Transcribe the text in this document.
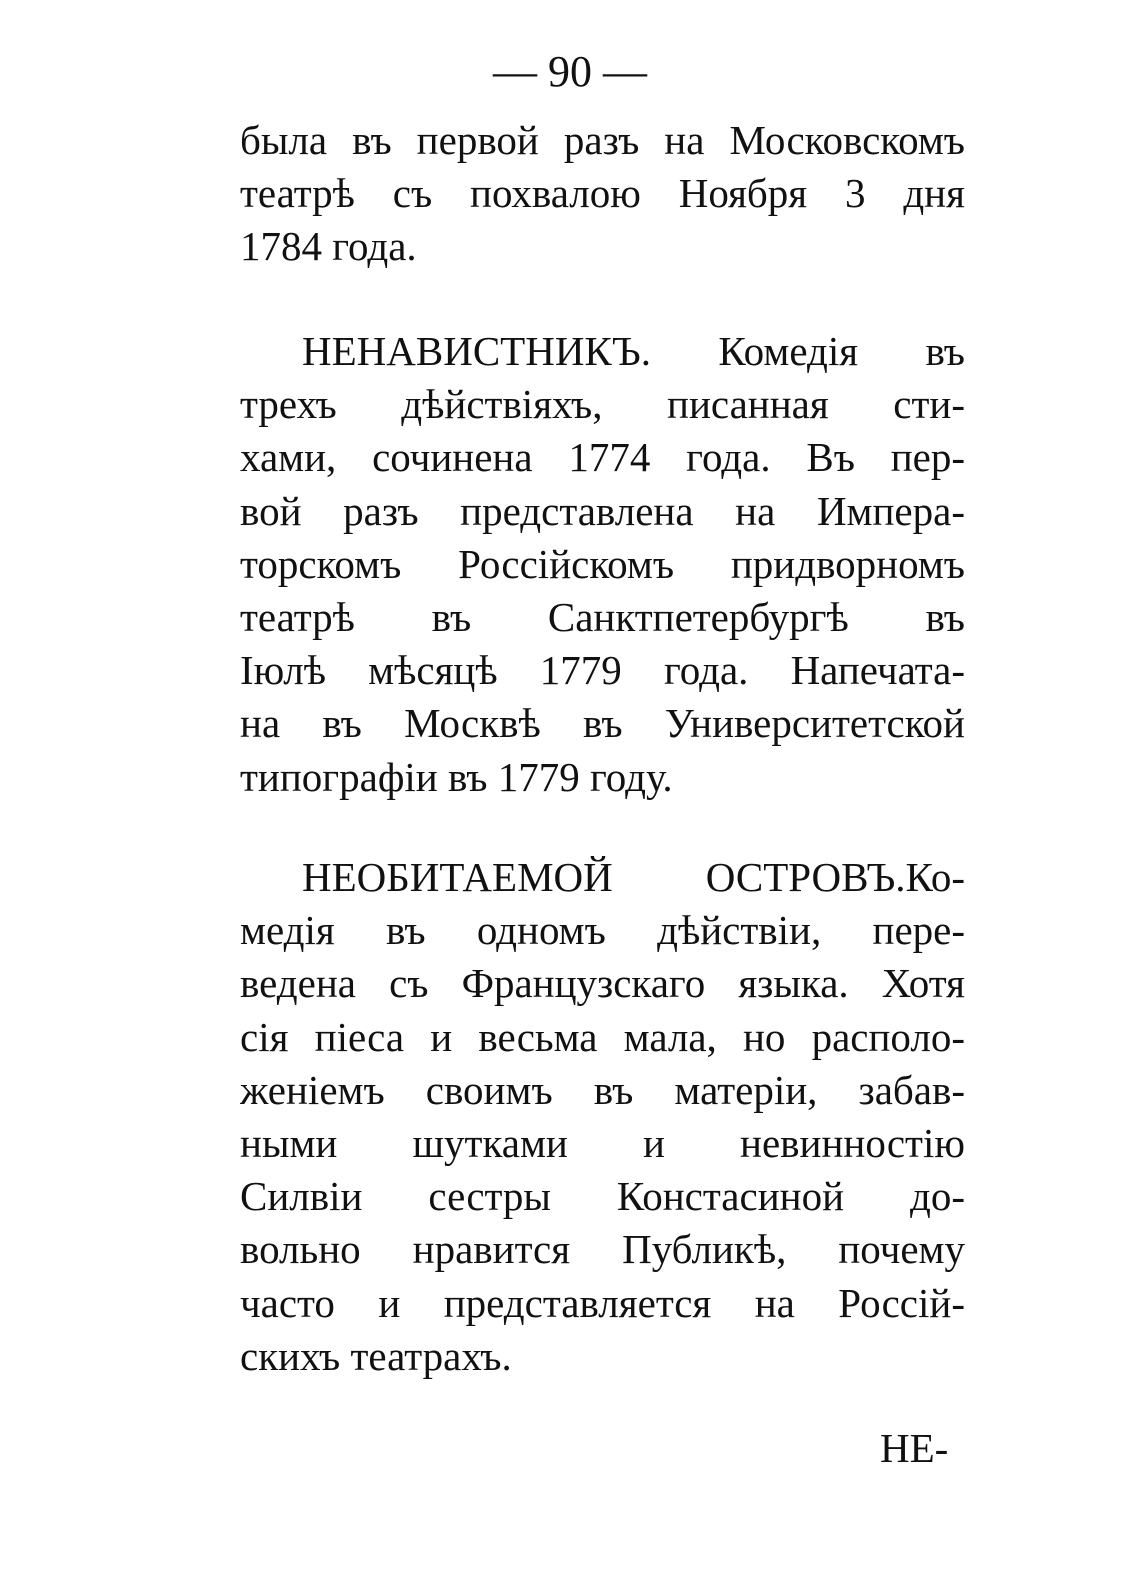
— 90 —
была въ первой разъ на Московскомъ
театрѣ съ похвалою Ноября 3 дня
1784 года.
НЕНАВИСТНИКЪ. Комедія въ
трехъ дѣйствіяхъ, писанная сти-
хами, сочинена 1774 года. Въ пер-
вой разъ представлена на Импера-
торскомъ Россійскомъ придворномъ
театрѣ въ Санктпетербургѣ въ
Іюлѣ мѣсяцѣ 1779 года. Напечата-
на въ Москвѣ въ Университетской
типографіи въ 1779 году.
НЕОБИТАЕМОЙ ОСТРОВЪ.Ко-
медія въ одномъ дѣйствіи, пере-
ведена съ Французскаго языка. Хотя
сія піеса и весьма мала, но располо-
женіемъ своимъ въ матеріи, забав-
ными шутками и невинностію
Силвіи сестры Констасиной до-
вольно нравится Публикѣ, почему
часто и представляется на Россій-
скихъ театрахъ.
НЕ-
